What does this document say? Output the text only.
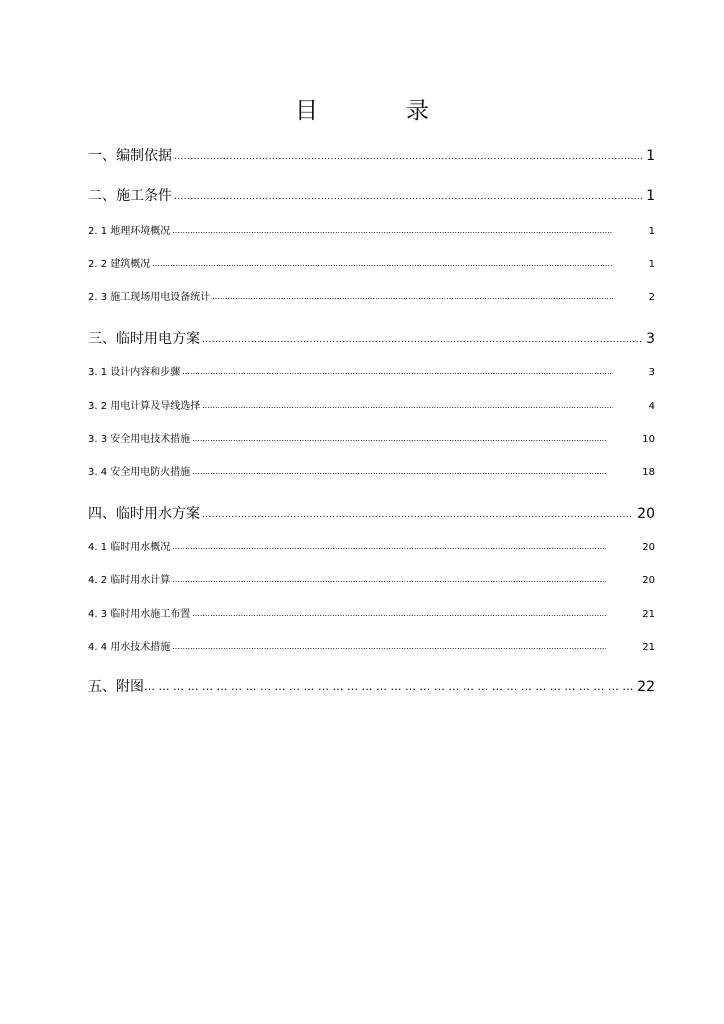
目	录
一、编制依据 .....	1
二、施工条件 .....	1
2. 1 地理环境概况 .....	1
2. 2 建筑概况 .....	1
2. 3 施工现场用电设备统计 .....	2
三、临时用电方案 .....	3
3. 1 设计内容和步骤 .....	3
3. 2 用电计算及导线选择 .....	4
3. 3 安全用电技术措施 .....	10
3. 4 安全用电防火措施 .....	18
四、临时用水方案 .....	20
4. 1 临时用水概况 .....	20
4. 2 临时用水计算 .....	20
4. 3 临时用水施工布置 .....	21
4. 4 用水技术措施 .....	21
五、附图 … … … … … … … … … … … … … … … … … … … … … … … … … … … … … … … … … … … … … … … … … … …	22
